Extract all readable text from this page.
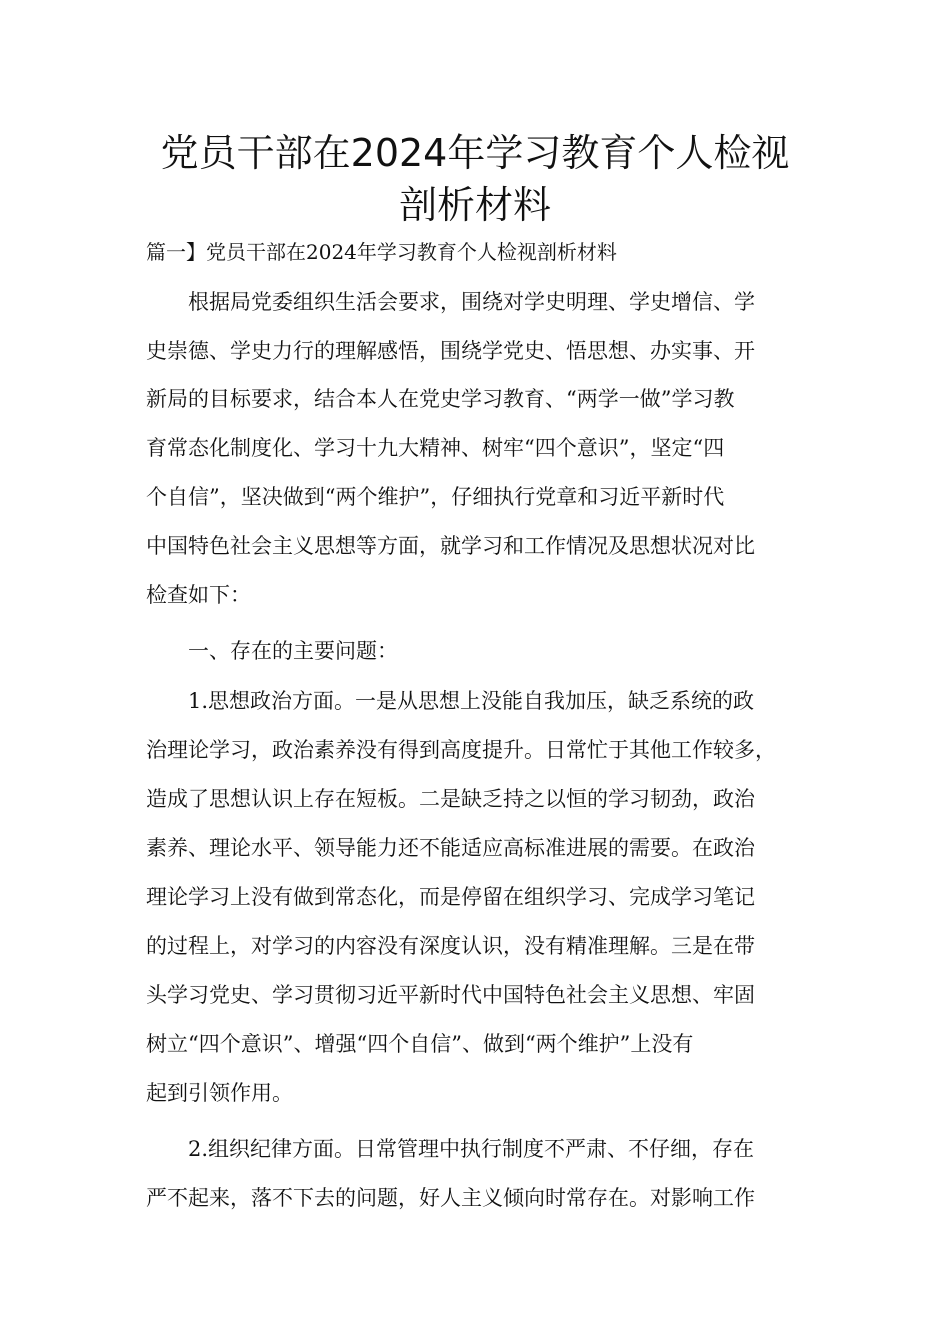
党员干部在2024年学习教育个人检视
剖析材料

篇一】党员干部在2024年学习教育个人检视剖析材料

根据局党委组织生活会要求，围绕对学史明理、学史增信、学

史崇德、学史力行的理解感悟，围绕学党史、悟思想、办实事、开

新局的目标要求，结合本人在党史学习教育、“两学一做”学习教

育常态化制度化、学习十九大精神、树牢“四个意识”，坚定“四

个自信”，坚决做到“两个维护”，仔细执行党章和习近平新时代

中国特色社会主义思想等方面，就学习和工作情况及思想状况对比

检查如下：

一、存在的主要问题：

1.思想政治方面。一是从思想上没能自我加压，缺乏系统的政

治理论学习，政治素养没有得到高度提升。日常忙于其他工作较多，

造成了思想认识上存在短板。二是缺乏持之以恒的学习韧劲，政治

素养、理论水平、领导能力还不能适应高标准进展的需要。在政治

理论学习上没有做到常态化，而是停留在组织学习、完成学习笔记

的过程上，对学习的内容没有深度认识，没有精准理解。三是在带

头学习党史、学习贯彻习近平新时代中国特色社会主义思想、牢固

树立“四个意识”、增强“四个自信”、做到“两个维护”上没有

起到引领作用。

2.组织纪律方面。日常管理中执行制度不严肃、不仔细，存在

严不起来，落不下去的问题，好人主义倾向时常存在。对影响工作
